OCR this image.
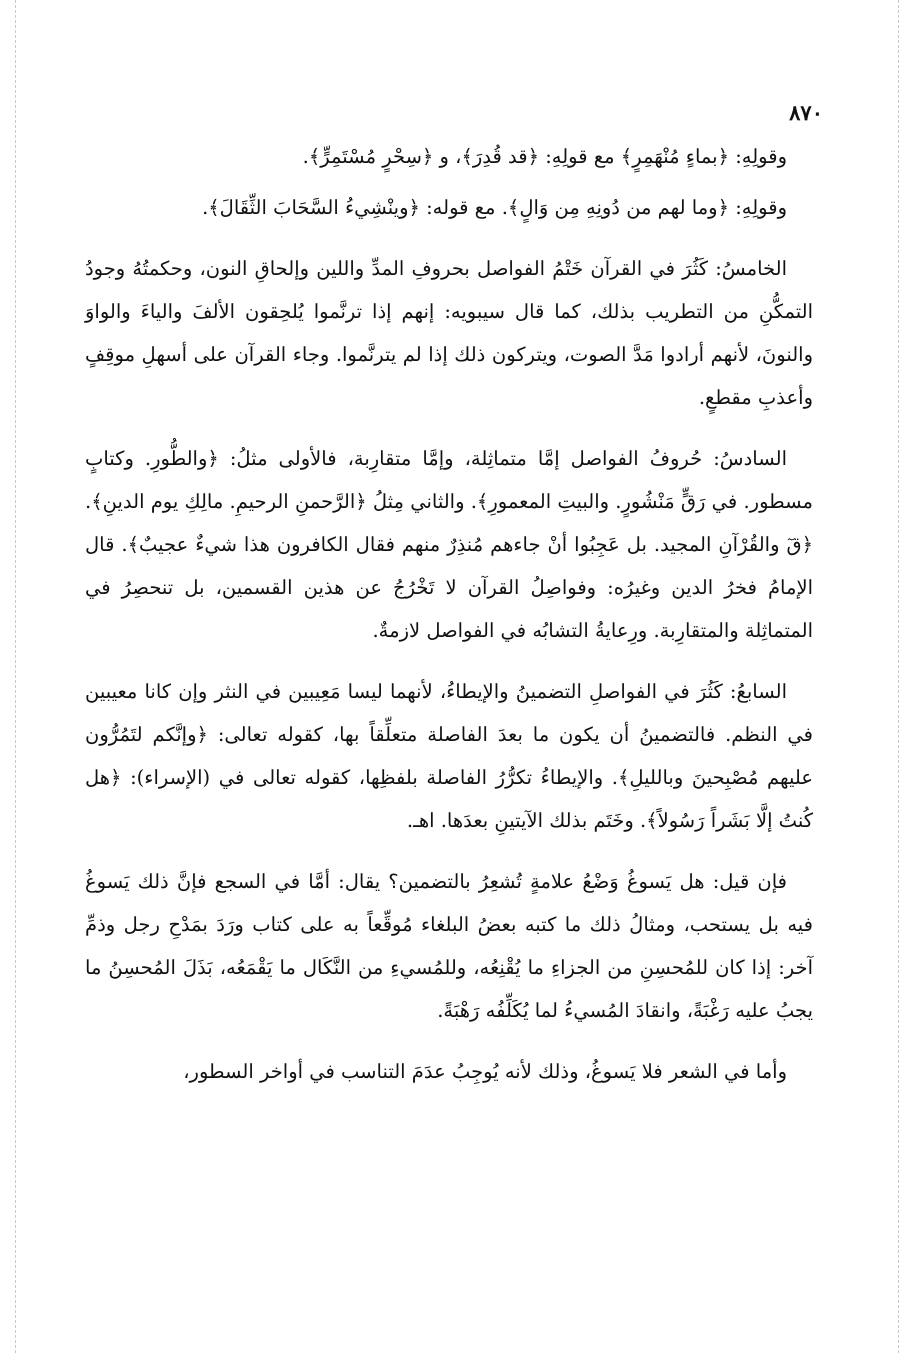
٨٧٠

وقولِهِ: ﴿بماءٍ مُنْهَمِرٍ﴾ مع قولِهِ: ﴿قد قُدِرَ﴾، و ﴿سِحْرٍ مُسْتَمِرٍّ﴾.

وقولِهِ: ﴿وما لهم من دُونِهِ مِن وَالٍ﴾. مع قوله: ﴿وينْشِيءُ السَّحَابَ الثِّقَالَ﴾.

الخامسُ: كَثُرَ في القرآن خَتْمُ الفواصل بحروفِ المدِّ واللين وإلحاقِ النون، وحكمتُهُ وجودُ التمكُّنِ من التطريب بذلك، كما قال سيبويه: إنهم إذا ترنَّموا يُلحِقون الألفَ والياءَ والواوَ والنونَ، لأنهم أرادوا مَدَّ الصوت، ويتركون ذلك إذا لم يترنَّموا. وجاء القرآن على أسهلِ موقِفٍ وأعذبِ مقطعٍ.

السادسُ: حُروفُ الفواصل إمَّا متماثِلة، وإمَّا متقارِبة، فالأولى مثلُ: ﴿والطُّورِ. وكتابٍ مسطور. في رَقٍّ مَنْشُورٍ. والبيتِ المعمورِ﴾. والثاني مِثلُ ﴿الرَّحمنِ الرحيمِ. مالِكِ يوم الدينِ﴾. ﴿قٓ والقُرْآنِ المجيد. بل عَجِبُوا أنْ جاءهم مُنذِرٌ منهم فقال الكافرون هذا شيءٌ عجيبٌ﴾. قال الإمامُ فخرُ الدين وغيرُه: وفواصِلُ القرآن لا تَخْرُجُ عن هذين القسمين، بل تنحصِرُ في المتماثِلة والمتقارِبة. ورِعايةُ التشابُه في الفواصل لازمةٌ.

السابعُ: كَثُرَ في الفواصلِ التضمينُ والإيطاءُ، لأنهما ليسا مَعِيبين في النثر وإن كانا معيبين في النظم. فالتضمينُ أن يكون ما بعدَ الفاصلة متعلِّقاً بها، كقوله تعالى: ﴿وإنَّكم لتَمُرُّون عليهم مُصْبِحينَ وبالليلِ﴾. والإيطاءُ تكرُّرُ الفاصلة بلفظِها، كقوله تعالى في (الإسراء): ﴿هل كُنتُ إلَّا بَشَراً رَسُولاً﴾. وخَتَم بذلك الآيتينِ بعدَها. اهـ.

فإن قيل: هل يَسوغُ وَضْعُ علامةٍ تُشعِرُ بالتضمين؟ يقال: أمَّا في السجع فإنَّ ذلك يَسوغُ فيه بل يستحب، ومثالُ ذلك ما كتبه بعضُ البلغاء مُوقِّعاً به على كتاب ورَدَ بمَدْحِ رجل وذمِّ آخر: إذا كان للمُحسِنِ من الجزاءِ ما يُقْنِعُه، وللمُسيءِ من النَّكَال ما يَقْمَعُه، بَذَلَ المُحسِنُ ما يجبُ عليه رَغْبَةً، وانقادَ المُسيءُ لما يُكَلِّفُه رَهْبَةً.

وأما في الشعر فلا يَسوغُ، وذلك لأنه يُوجِبُ عدَمَ التناسب في أواخر السطور،
